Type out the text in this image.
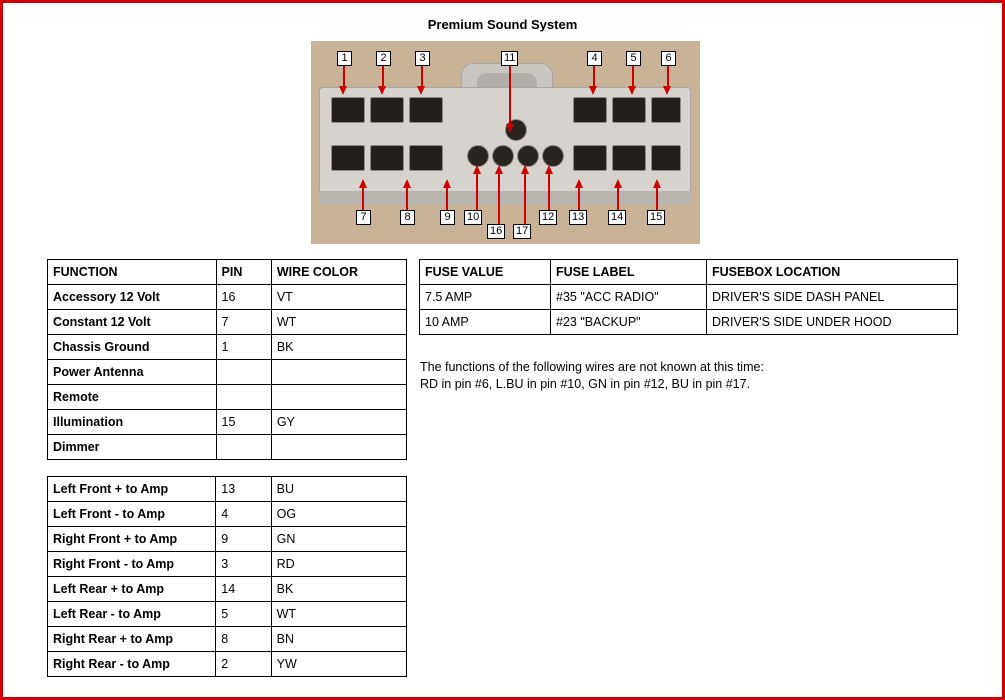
Premium Sound System
1	2	3	11	4	5	6
7	8	9	10
16 17
12 13 14 15
FUNCTION	PIN	WIRE COLOR
Accessory 12 Volt	16	VT
Constant 12 Volt	7	WT
Chassis Ground	1	BK
Power Antenna		
Remote		
Illumination	15	GY
Dimmer		
Left Front + to Amp	13	BU
Left Front - to Amp	4	OG
Right Front + to Amp	9	GN
Right Front - to Amp	3	RD
Left Rear + to Amp	14	BK
Left Rear - to Amp	5	WT
Right Rear + to Amp	8	BN
Right Rear - to Amp	2	YW
FUSE VALUE	FUSE LABEL	FUSEBOX LOCATION
7.5 AMP	#35 "ACC RADIO"	DRIVER'S SIDE DASH PANEL
10 AMP	#23 "BACKUP"	DRIVER'S SIDE UNDER HOOD
The functions of the following wires are not known at this time:
RD in pin #6, L.BU in pin #10, GN in pin #12, BU in pin #17.
